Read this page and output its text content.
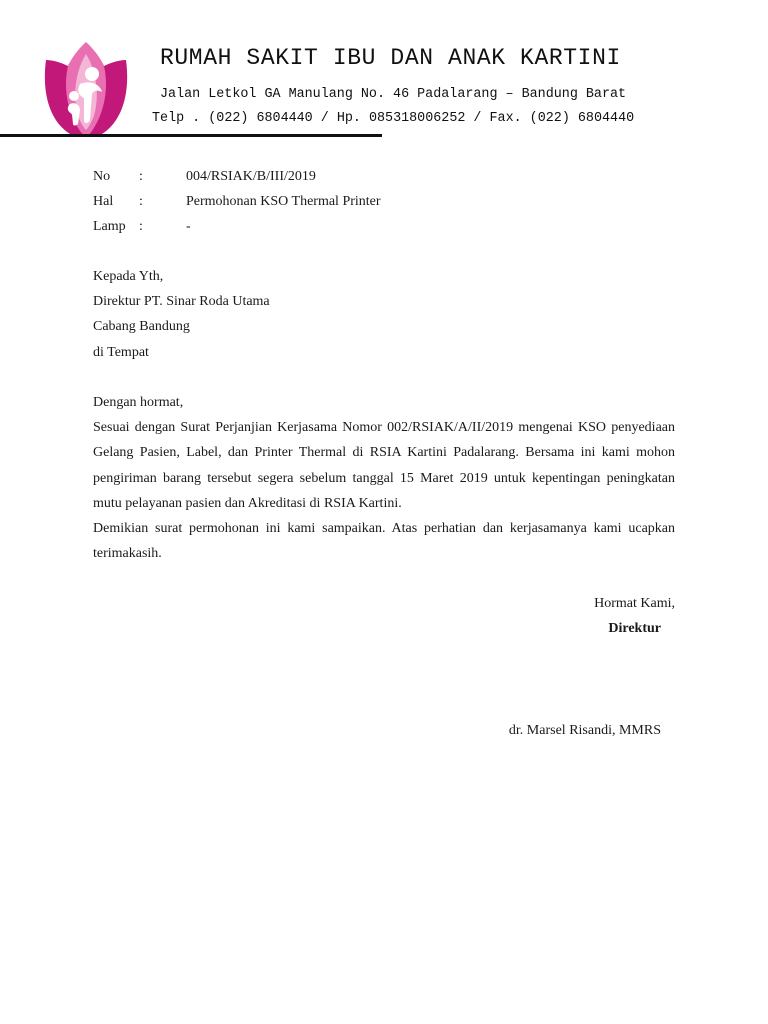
RUMAH SAKIT IBU DAN ANAK KARTINI
Jalan Letkol GA Manulang No. 46 Padalarang – Bandung Barat
Telp . (022) 6804440 / Hp. 085318006252 / Fax. (022) 6804440
No	:	004/RSIAK/B/III/2019
Hal	:	Permohonan KSO Thermal Printer
Lamp :	-
Kepada Yth,
Direktur PT. Sinar Roda Utama
Cabang Bandung
di Tempat

Dengan hormat,

Sesuai dengan Surat Perjanjian Kerjasama Nomor 002/RSIAK/A/II/2019 mengenai KSO penyediaan Gelang Pasien, Label, dan Printer Thermal di RSIA Kartini Padalarang. Bersama ini kami mohon pengiriman barang tersebut segera sebelum tanggal 15 Maret 2019 untuk kepentingan peningkatan mutu pelayanan pasien dan Akreditasi di RSIA Kartini.

Demikian surat permohonan ini kami sampaikan. Atas perhatian dan kerjasamanya kami ucapkan terimakasih.

Hormat Kami,
Direktur
dr. Marsel Risandi, MMRS
